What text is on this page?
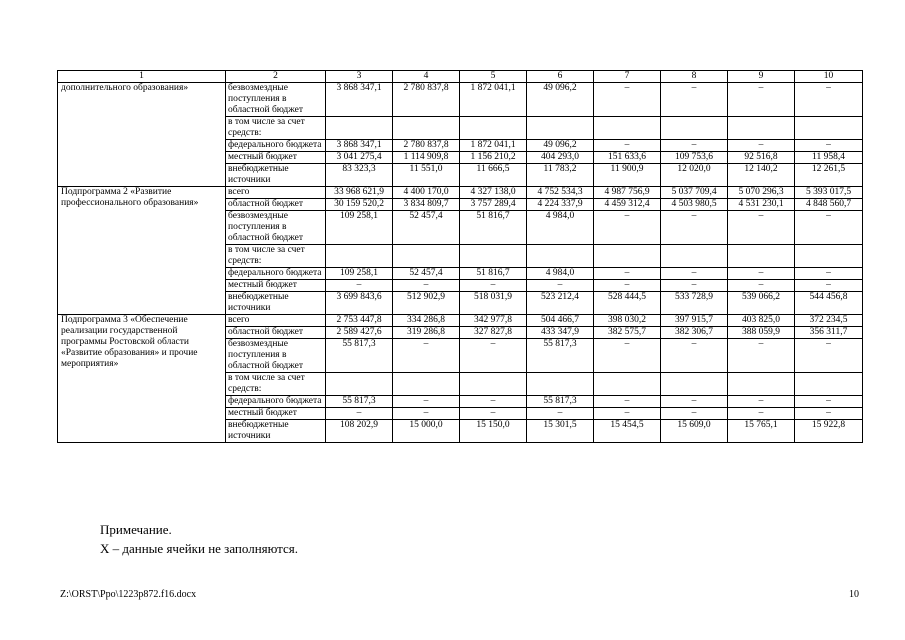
1	2	3	4	5	6	7	8	9	10
дополнительного образования»	безвозмездные поступления в областной бюджет	3 868 347,1	2 780 837,8	1 872 041,1	49 096,2	–	–	–	–
	в том числе за счет средств:								
	федерального бюджета	3 868 347,1	2 780 837,8	1 872 041,1	49 096,2	–	–	–	–
	местный бюджет	3 041 275,4	1 114 909,8	1 156 210,2	404 293,0	151 633,6	109 753,6	92 516,8	11 958,4
	внебюджетные источники	83 323,3	11 551,0	11 666,5	11 783,2	11 900,9	12 020,0	12 140,2	12 261,5
Подпрограмма 2 «Развитие профессионального образования»	всего	33 968 621,9	4 400 170,0	4 327 138,0	4 752 534,3	4 987 756,9	5 037 709,4	5 070 296,3	5 393 017,5
	областной бюджет	30 159 520,2	3 834 809,7	3 757 289,4	4 224 337,9	4 459 312,4	4 503 980,5	4 531 230,1	4 848 560,7
	безвозмездные поступления в областной бюджет	109 258,1	52 457,4	51 816,7	4 984,0	–	–	–	–
	в том числе за счет средств:								
	федерального бюджета	109 258,1	52 457,4	51 816,7	4 984,0	–	–	–	–
	местный бюджет	–	–	–	–	–	–	–	–
	внебюджетные источники	3 699 843,6	512 902,9	518 031,9	523 212,4	528 444,5	533 728,9	539 066,2	544 456,8
Подпрограмма 3 «Обеспечение реализации государственной программы Ростовской области «Развитие образования» и прочие мероприятия»	всего	2 753 447,8	334 286,8	342 977,8	504 466,7	398 030,2	397 915,7	403 825,0	372 234,5
	областной бюджет	2 589 427,6	319 286,8	327 827,8	433 347,9	382 575,7	382 306,7	388 059,9	356 311,7
	безвозмездные поступления в областной бюджет	55 817,3	–	–	55 817,3	–	–	–	–
	в том числе за счет средств:								
	федерального бюджета	55 817,3	–	–	55 817,3	–	–	–	–
	местный бюджет	–	–	–	–	–	–	–	–
	внебюджетные источники	108 202,9	15 000,0	15 150,0	15 301,5	15 454,5	15 609,0	15 765,1	15 922,8
Примечание.
Х – данные ячейки не заполняются.
Z:\ORST\Ppo\1223p872.f16.docx	10
